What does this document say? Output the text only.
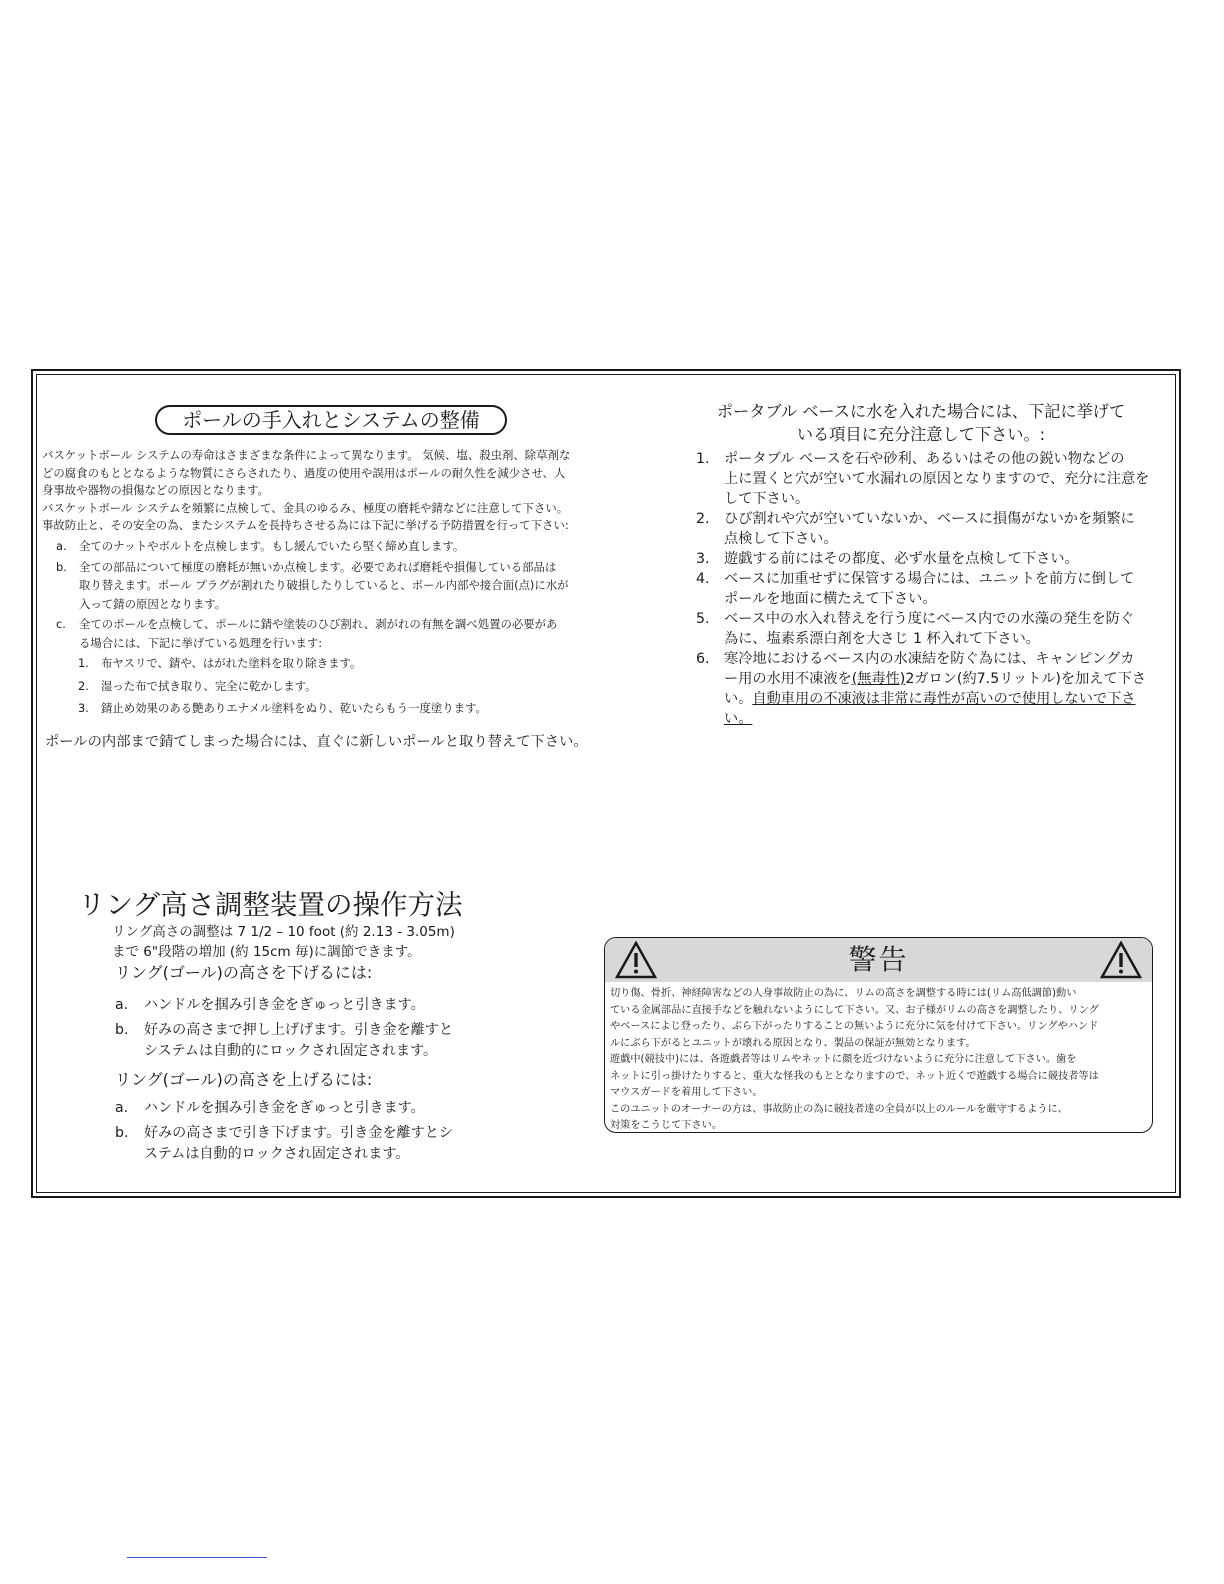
ポールの手入れとシステムの整備
バスケットボール システムの寿命はさまざまな条件によって異なります。 気候、塩、殺虫剤、除草剤な
どの腐食のもととなるような物質にさらされたり、過度の使用や誤用はポールの耐久性を減少させ、人
身事故や器物の損傷などの原因となります。
バスケットボール システムを頻繁に点検して、金具のゆるみ、極度の磨耗や錆などに注意して下さい。
事故防止と、その安全の為、またシステムを長持ちさせる為には下記に挙げる予防措置を行って下さい:
a.	全てのナットやボルトを点検します。もし緩んでいたら堅く締め直します。
b.	全ての部品について極度の磨耗が無いか点検します。必要であれば磨耗や損傷している部品は
取り替えます。ポール プラグが割れたり破損したりしていると、ポール内部や接合面(点)に水が
入って錆の原因となります。
c.	全てのポールを点検して、ポールに錆や塗装のひび割れ、剥がれの有無を調べ処置の必要があ
る場合には、下記に挙げている処理を行います:
1.	布ヤスリで、錆や、はがれた塗料を取り除きます。
2.	湿った布で拭き取り、完全に乾かします。
3.	錆止め効果のある艶ありエナメル塗料をぬり、乾いたらもう一度塗ります。
ポールの内部まで錆てしまった場合には、直ぐに新しいポールと取り替えて下さい。
ポータブル ベースに水を入れた場合には、下記に挙げて
いる項目に充分注意して下さい。:
1.	ポータブル ベースを石や砂利、あるいはその他の鋭い物などの
上に置くと穴が空いて水漏れの原因となりますので、充分に注意を
して下さい。
2.	ひび割れや穴が空いていないか、ベースに損傷がないかを頻繁に
点検して下さい。
3.	遊戯する前にはその都度、必ず水量を点検して下さい。
4.	ベースに加重せずに保管する場合には、ユニットを前方に倒して
ポールを地面に横たえて下さい。
5.	ベース中の水入れ替えを行う度にベース内での水藻の発生を防ぐ
為に、塩素系漂白剤を大さじ 1 杯入れて下さい。
6.	寒冷地におけるベース内の水凍結を防ぐ為には、キャンピングカ
ー用の水用不凍液を(無毒性)2ガロン(約7.5リットル)を加えて下さ
い。自動車用の不凍液は非常に毒性が高いので使用しないで下さ
い。
リング高さ調整装置の操作方法
リング高さの調整は 7 1/2 – 10 foot (約 2.13 - 3.05m)
まで 6"段階の増加 (約 15cm 毎)に調節できます。
リング(ゴール)の高さを下げるには:
a.	ハンドルを掴み引き金をぎゅっと引きます。
b.	好みの高さまで押し上げげます。引き金を離すと
システムは自動的にロックされ固定されます。
リング(ゴール)の高さを上げるには:
a.	ハンドルを掴み引き金をぎゅっと引きます。
b.	好みの高さまで引き下げます。引き金を離すとシ
ステムは自動的ロックされ固定されます。
警告

切り傷、骨折、神経障害などの人身事故防止の為に、リムの高さを調整する時には(リム高低調節)動い

ている金属部品に直接手などを触れないようにして下さい。又、お子様がリムの高さを調整したり、リング

やベースによじ登ったり、ぶら下がったりすることの無いように充分に気を付けて下さい。リングやハンド

ルにぶら下がるとユニットが壊れる原因となり、製品の保証が無効となります。

遊戯中(競技中)には、各遊戯者等はリムやネットに顔を近づけないように充分に注意して下さい。歯を

ネットに引っ掛けたりすると、重大な怪我のもととなりますので、ネット近くで遊戯する場合に競技者等は

マウスガードを着用して下さい。

このユニットのオーナーの方は、事故防止の為に競技者達の全員が以上のルールを厳守するように、

対策をこうじて下さい。
